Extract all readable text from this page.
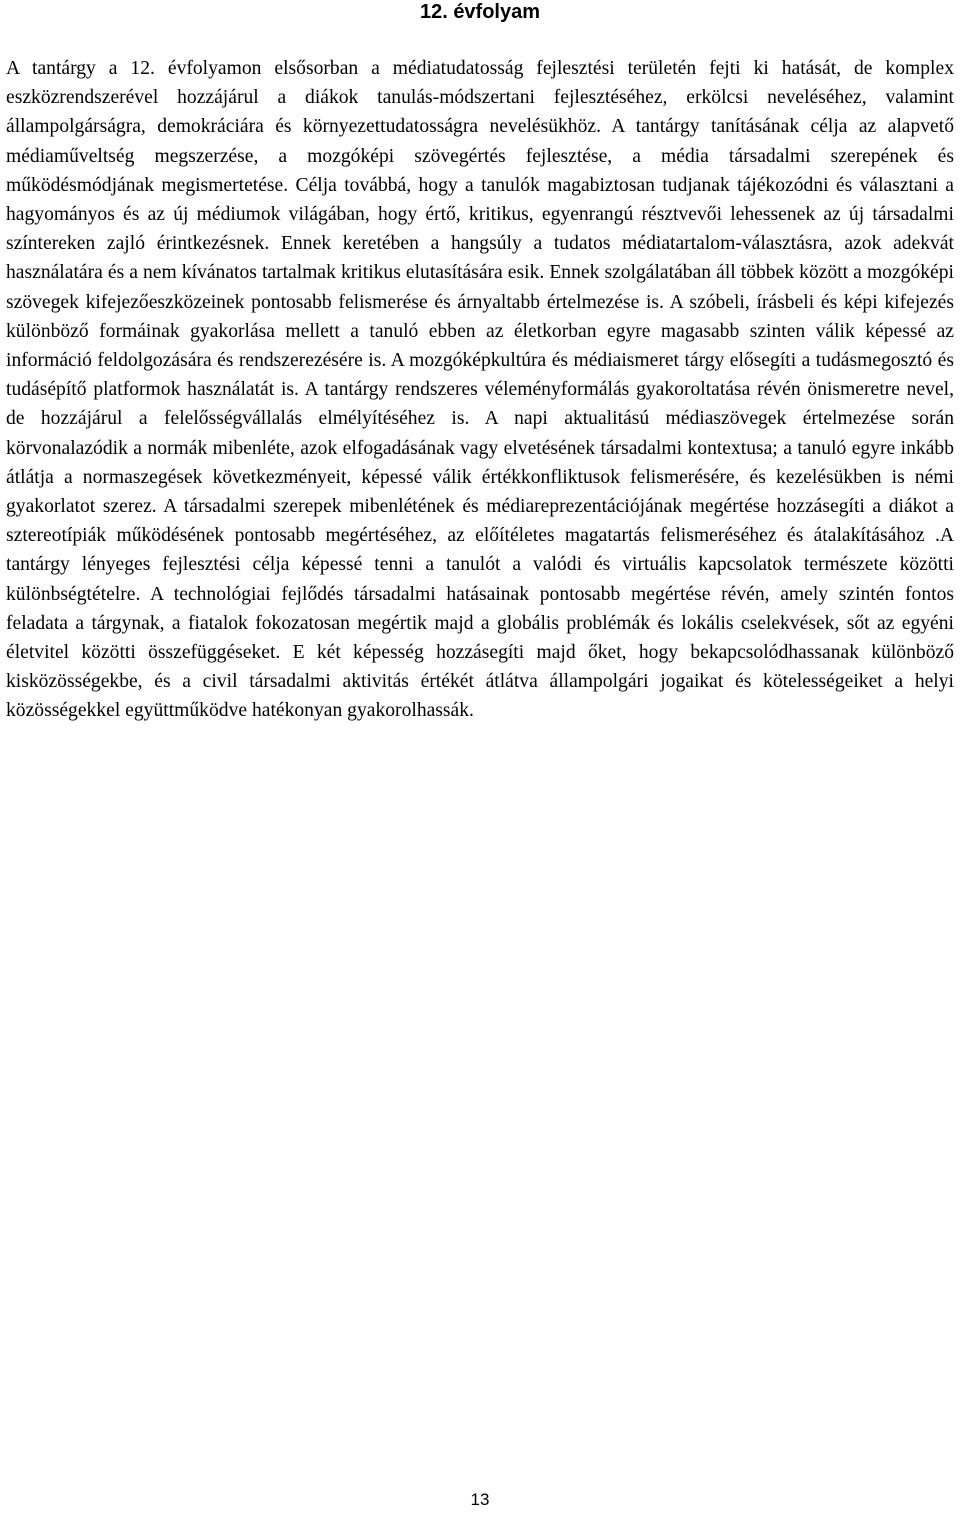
12. évfolyam

A tantárgy a 12. évfolyamon elsősorban a médiatudatosság fejlesztési területén fejti ki hatását, de komplex eszközrendszerével hozzájárul a diákok tanulás-módszertani fejlesztéséhez, erkölcsi neveléséhez, valamint állampolgárságra, demokráciára és környezettudatosságra nevelésükhöz. A tantárgy tanításának célja az alapvető médiaműveltség megszerzése, a mozgóképi szövegértés fejlesztése, a média társadalmi szerepének és működésmódjának megismertetése. Célja továbbá, hogy a tanulók magabiztosan tudjanak tájékozódni és választani a hagyományos és az új médiumok világában, hogy értő, kritikus, egyenrangú résztvevői lehessenek az új társadalmi színtereken zajló érintkezésnek. Ennek keretében a hangsúly a tudatos médiatartalom-választásra, azok adekvát használatára és a nem kívánatos tartalmak kritikus elutasítására esik. Ennek szolgálatában áll többek között a mozgóképi szövegek kifejezőeszközeinek pontosabb felismerése és árnyaltabb értelmezése is. A szóbeli, írásbeli és képi kifejezés különböző formáinak gyakorlása mellett a tanuló ebben az életkorban egyre magasabb szinten válik képessé az információ feldolgozására és rendszerezésére is. A mozgóképkultúra és médiaismeret tárgy elősegíti a tudásmegosztó és tudásépítő platformok használatát is. A tantárgy rendszeres véleményformálás gyakoroltatása révén önismeretre nevel, de hozzájárul a felelősségvállalás elmélyítéséhez is. A napi aktualitású médiaszövegek értelmezése során körvonalazódik a normák mibenléte, azok elfogadásának vagy elvetésének társadalmi kontextusa; a tanuló egyre inkább átlátja a normaszegések következményeit, képessé válik értékkonfliktusok felismerésére, és kezelésükben is némi gyakorlatot szerez. A társadalmi szerepek mibenlétének és médiareprezentációjának megértése hozzásegíti a diákot a sztereotípiák működésének pontosabb megértéséhez, az előítéletes magatartás felismeréséhez és átalakításához .A tantárgy lényeges fejlesztési célja képessé tenni a tanulót a valódi és virtuális kapcsolatok természete közötti különbségtételre. A technológiai fejlődés társadalmi hatásainak pontosabb megértése révén, amely szintén fontos feladata a tárgynak, a fiatalok fokozatosan megértik majd a globális problémák és lokális cselekvések, sőt az egyéni életvitel közötti összefüggéseket. E két képesség hozzásegíti majd őket, hogy bekapcsolódhassanak különböző kisközösségekbe, és a civil társadalmi aktivitás értékét átlátva állampolgári jogaikat és kötelességeiket a helyi közösségekkel együttműködve hatékonyan gyakorolhassák.

13
